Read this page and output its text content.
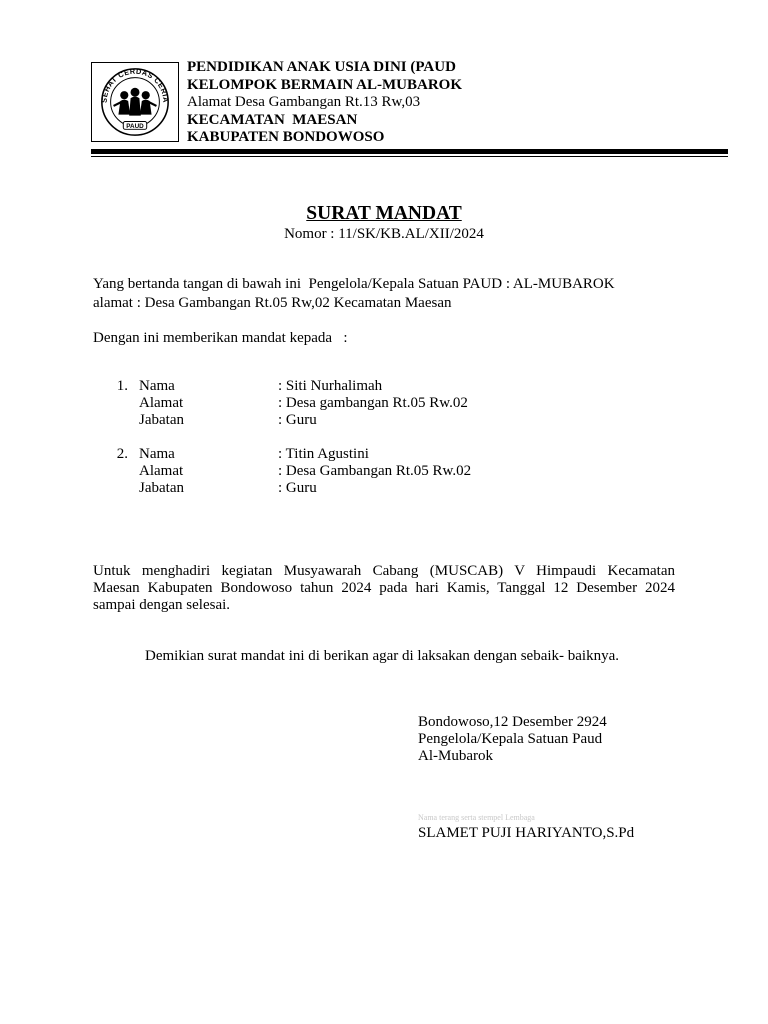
SEHAT CERDAS CERIA
PAUD
PENDIDIKAN ANAK USIA DINI (PAUD
KELOMPOK BERMAIN AL-MUBAROK
Alamat Desa Gambangan Rt.13 Rw,03
KECAMATAN  MAESAN
KABUPATEN BONDOWOSO
SURAT MANDAT
Nomor : 11/SK/KB.AL/XII/2024
Yang bertanda tangan di bawah ini  Pengelola/Kepala Satuan PAUD : AL-MUBAROK
alamat : Desa Gambangan Rt.05 Rw,02 Kecamatan Maesan
Dengan ini memberikan mandat kepada   :
1. Nama	: Siti Nurhalimah
Alamat	: Desa gambangan Rt.05 Rw.02
Jabatan	: Guru
2. Nama	: Titin Agustini
Alamat	: Desa Gambangan Rt.05 Rw.02
Jabatan	: Guru
Untuk menghadiri kegiatan Musyawarah Cabang (MUSCAB) V Himpaudi Kecamatan
Maesan Kabupaten Bondowoso tahun 2024 pada hari Kamis, Tanggal 12 Desember 2024
sampai dengan selesai.
Demikian surat mandat ini di berikan agar di laksakan dengan sebaik- baiknya.
Bondowoso,12 Desember 2924
Pengelola/Kepala Satuan Paud
Al-Mubarok
Nama terang serta stempel Lembaga
SLAMET PUJI HARIYANTO,S.Pd
